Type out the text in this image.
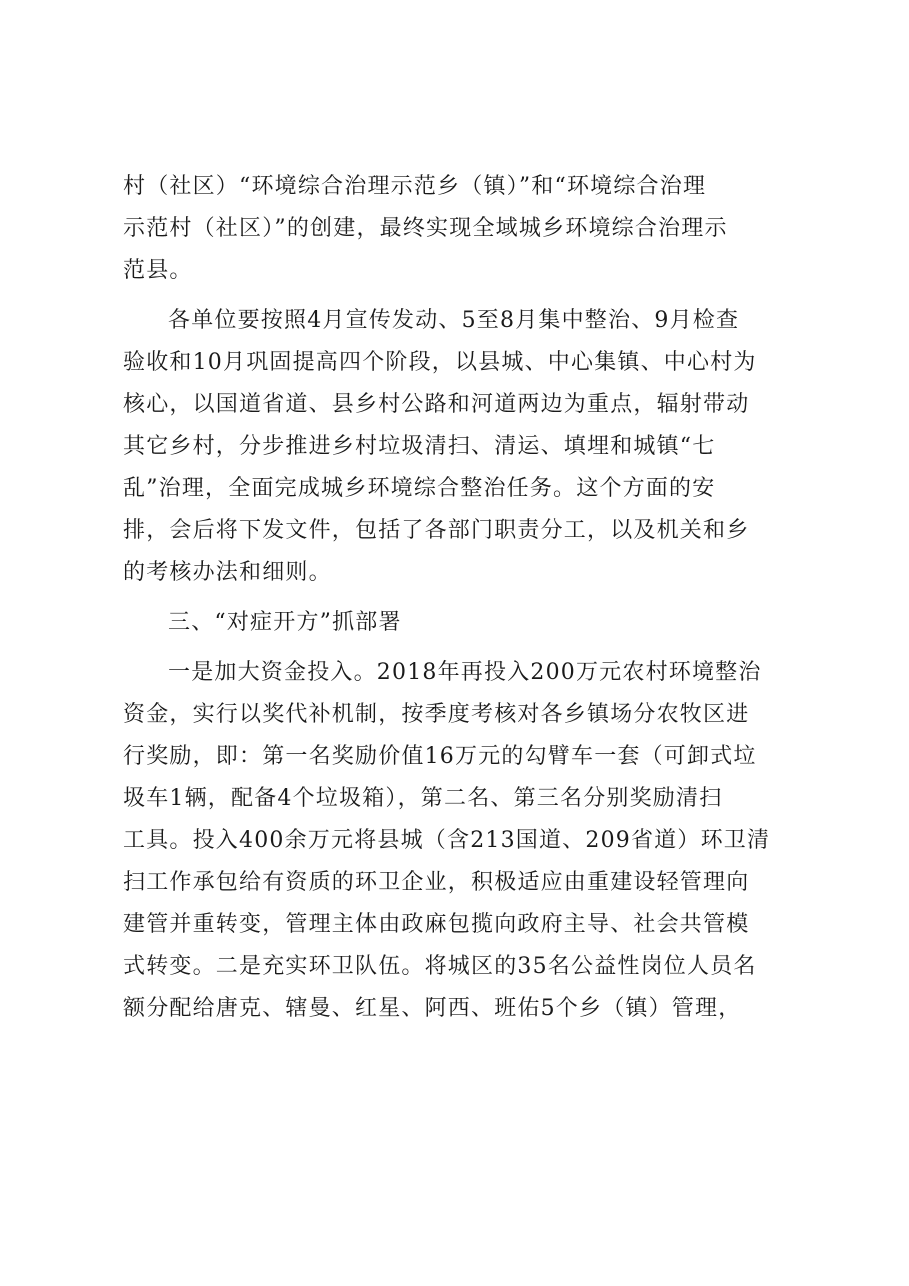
村（社区）“环境综合治理示范乡（镇）”和“环境综合治理
示范村（社区）”的创建，最终实现全域城乡环境综合治理示
范县。
各单位要按照4月宣传发动、5至8月集中整治、9月检查
验收和10月巩固提高四个阶段，以县城、中心集镇、中心村为
核心，以国道省道、县乡村公路和河道两边为重点，辐射带动
其它乡村，分步推进乡村垃圾清扫、清运、填埋和城镇“七
乱”治理，全面完成城乡环境综合整治任务。这个方面的安
排，会后将下发文件，包括了各部门职责分工，以及机关和乡
的考核办法和细则。
三、“对症开方”抓部署
一是加大资金投入。2018年再投入200万元农村环境整治
资金，实行以奖代补机制，按季度考核对各乡镇场分农牧区进
行奖励，即：第一名奖励价值16万元的勾臂车一套（可卸式垃
圾车1辆，配备4个垃圾箱），第二名、第三名分别奖励清扫
工具。投入400余万元将县城（含213国道、209省道）环卫清
扫工作承包给有资质的环卫企业，积极适应由重建设轻管理向
建管并重转变，管理主体由政麻包揽向政府主导、社会共管模
式转变。二是充实环卫队伍。将城区的35名公益性岗位人员名
额分配给唐克、辖曼、红星、阿西、班佑5个乡（镇）管理，
